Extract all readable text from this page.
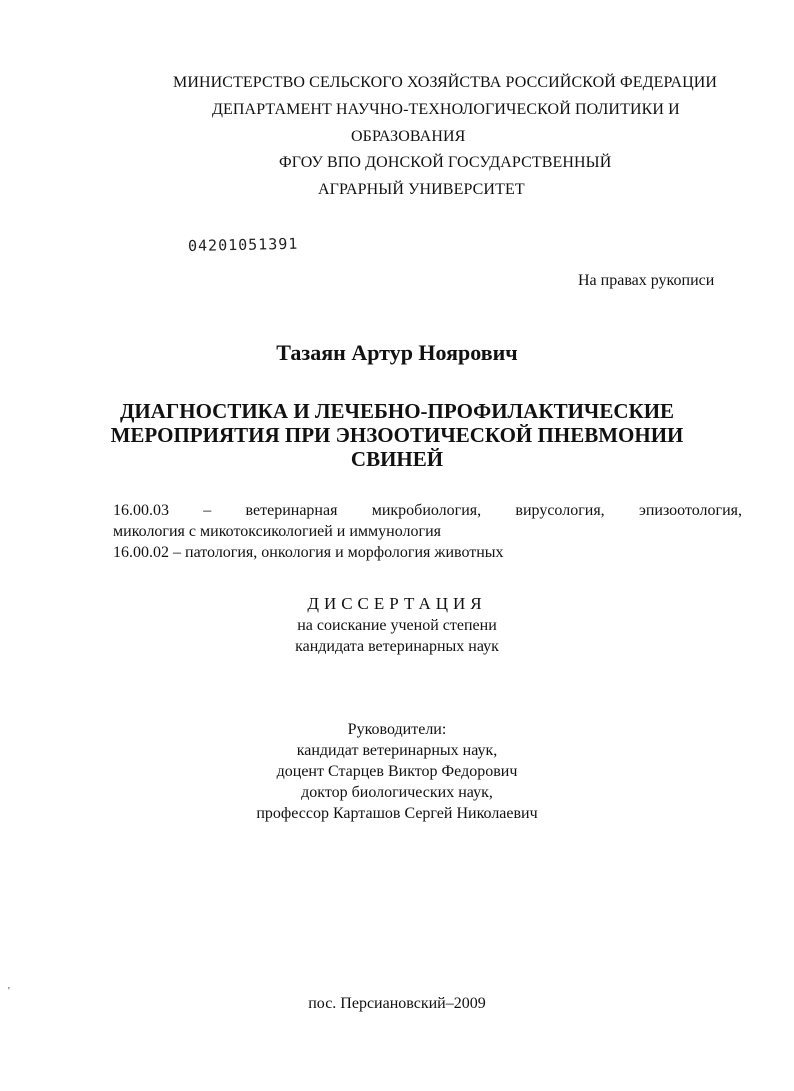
МИНИСТЕРСТВО СЕЛЬСКОГО ХОЗЯЙСТВА РОССИЙСКОЙ ФЕДЕРАЦИИ
ДЕПАРТАМЕНТ НАУЧНО-ТЕХНОЛОГИЧЕСКОЙ ПОЛИТИКИ И
ОБРАЗОВАНИЯ
ФГОУ ВПО ДОНСКОЙ ГОСУДАРСТВЕННЫЙ
АГРАРНЫЙ УНИВЕРСИТЕТ
04201051391
На правах рукописи
Тазаян Артур Ноярович
ДИАГНОСТИКА И ЛЕЧЕБНО-ПРОФИЛАКТИЧЕСКИЕ
МЕРОПРИЯТИЯ ПРИ ЭНЗООТИЧЕСКОЙ ПНЕВМОНИИ
СВИНЕЙ
16.00.03 – ветеринарная микробиология, вирусология, эпизоотология,
микология с микотоксикологией и иммунология
16.00.02 – патология, онкология и морфология животных
ДИССЕРТАЦИЯ
на соискание ученой степени
кандидата ветеринарных наук
Руководители:
кандидат ветеринарных наук,
доцент Старцев Виктор Федорович
доктор биологических наук,
профессор Карташов Сергей Николаевич
'
пос. Персиановский–2009
